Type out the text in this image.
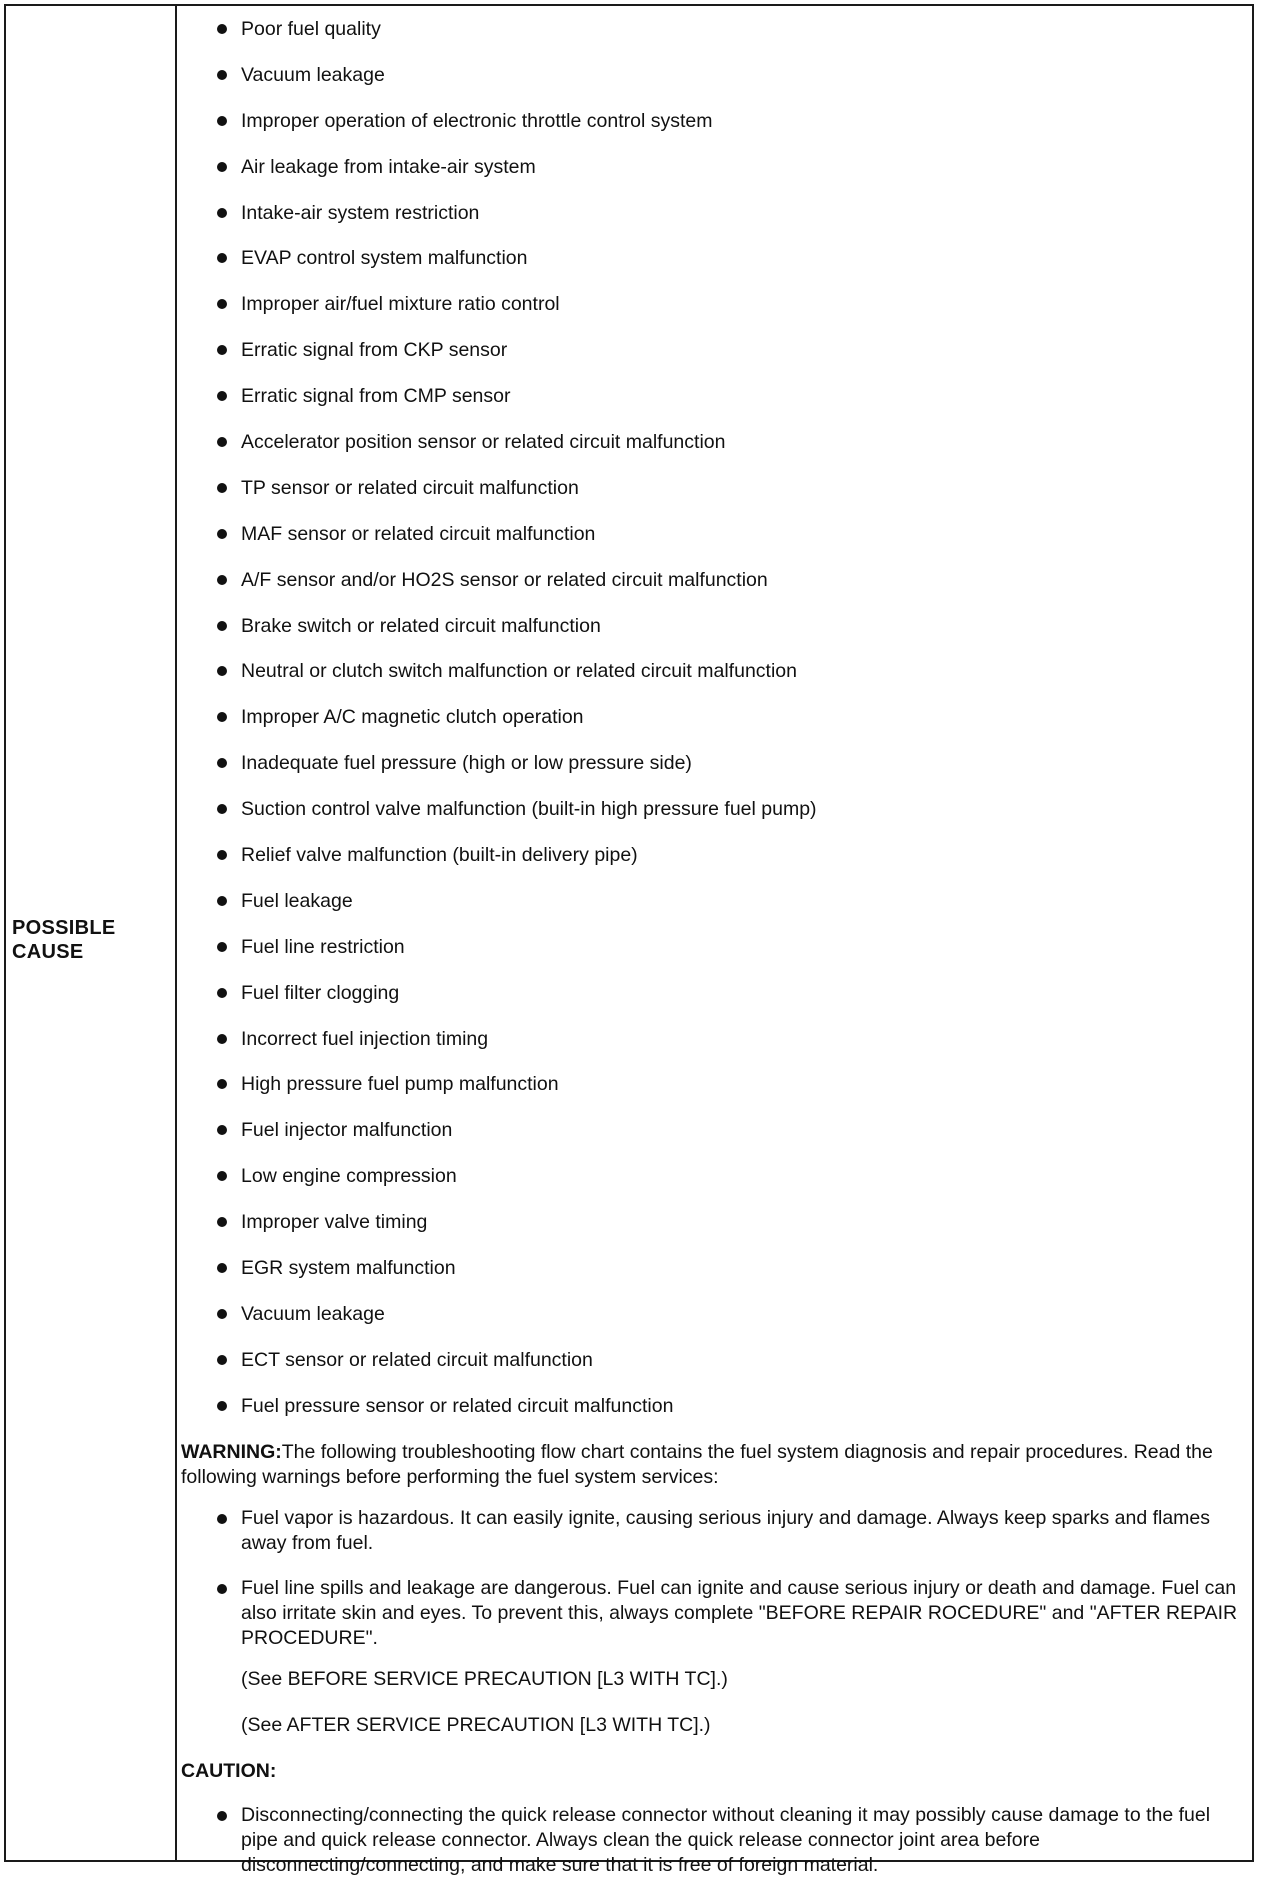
POSSIBLE
CAUSE
Poor fuel quality
Vacuum leakage
Improper operation of electronic throttle control system
Air leakage from intake-air system
Intake-air system restriction
EVAP control system malfunction
Improper air/fuel mixture ratio control
Erratic signal from CKP sensor
Erratic signal from CMP sensor
Accelerator position sensor or related circuit malfunction
TP sensor or related circuit malfunction
MAF sensor or related circuit malfunction
A/F sensor and/or HO2S sensor or related circuit malfunction
Brake switch or related circuit malfunction
Neutral or clutch switch malfunction or related circuit malfunction
Improper A/C magnetic clutch operation
Inadequate fuel pressure (high or low pressure side)
Suction control valve malfunction (built-in high pressure fuel pump)
Relief valve malfunction (built-in delivery pipe)
Fuel leakage
Fuel line restriction
Fuel filter clogging
Incorrect fuel injection timing
High pressure fuel pump malfunction
Fuel injector malfunction
Low engine compression
Improper valve timing
EGR system malfunction
Vacuum leakage
ECT sensor or related circuit malfunction
Fuel pressure sensor or related circuit malfunction

WARNING:The following troubleshooting flow chart contains the fuel system diagnosis and repair procedures. Read the following warnings before performing the fuel system services:

Fuel vapor is hazardous. It can easily ignite, causing serious injury and damage. Always keep sparks and flames away from fuel.
Fuel line spills and leakage are dangerous. Fuel can ignite and cause serious injury or death and damage. Fuel can also irritate skin and eyes. To prevent this, always complete "BEFORE REPAIR ROCEDURE" and "AFTER REPAIR PROCEDURE".

(See BEFORE SERVICE PRECAUTION [L3 WITH TC].)

(See AFTER SERVICE PRECAUTION [L3 WITH TC].)

CAUTION:

Disconnecting/connecting the quick release connector without cleaning it may possibly cause damage to the fuel pipe and quick release connector. Always clean the quick release connector joint area before disconnecting/connecting, and make sure that it is free of foreign material.
